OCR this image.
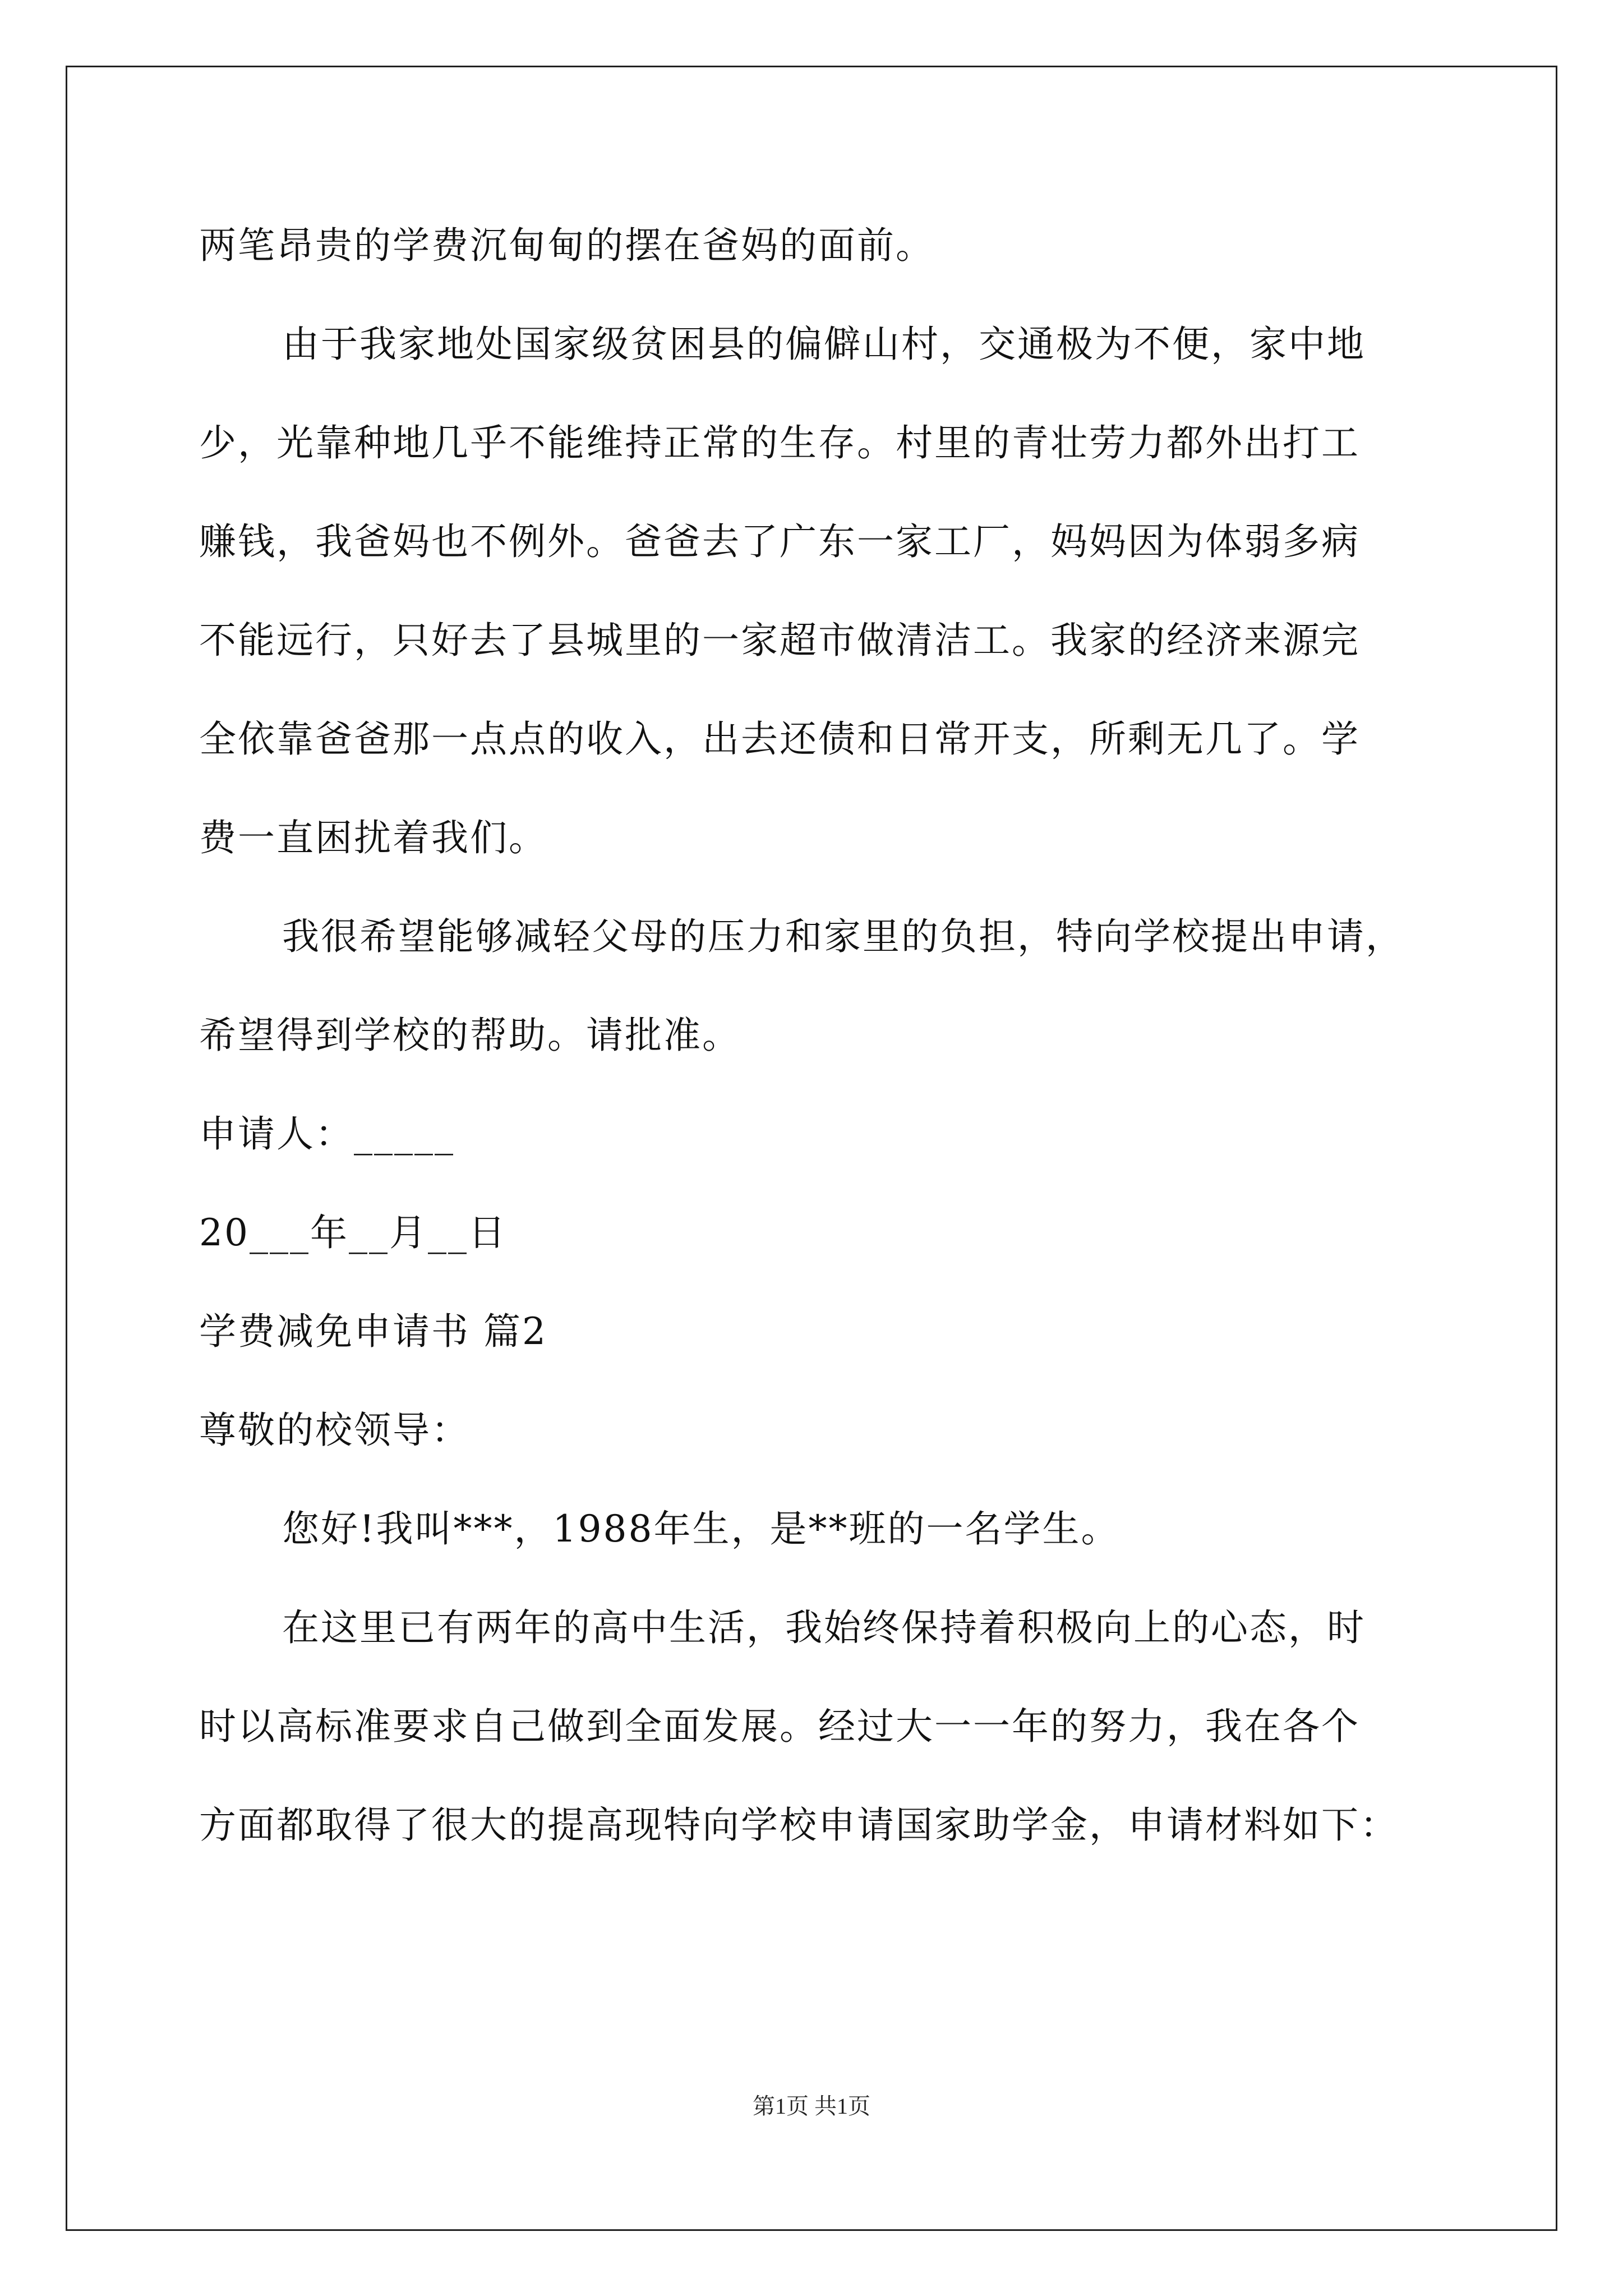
两笔昂贵的学费沉甸甸的摆在爸妈的面前。
由于我家地处国家级贫困县的偏僻山村，交通极为不便，家中地
少，光靠种地几乎不能维持正常的生存。村里的青壮劳力都外出打工
赚钱，我爸妈也不例外。爸爸去了广东一家工厂，妈妈因为体弱多病
不能远行，只好去了县城里的一家超市做清洁工。我家的经济来源完
全依靠爸爸那一点点的收入，出去还债和日常开支，所剩无几了。学
费一直困扰着我们。
我很希望能够减轻父母的压力和家里的负担，特向学校提出申请，
希望得到学校的帮助。请批准。
申请人：_____
20___年__月__日
学费减免申请书 篇2
尊敬的校领导：
您好!我叫***，1988年生，是**班的一名学生。
在这里已有两年的高中生活，我始终保持着积极向上的心态，时
时以高标准要求自己做到全面发展。经过大一一年的努力，我在各个
方面都取得了很大的提高现特向学校申请国家助学金，申请材料如下：
第1页 共1页
